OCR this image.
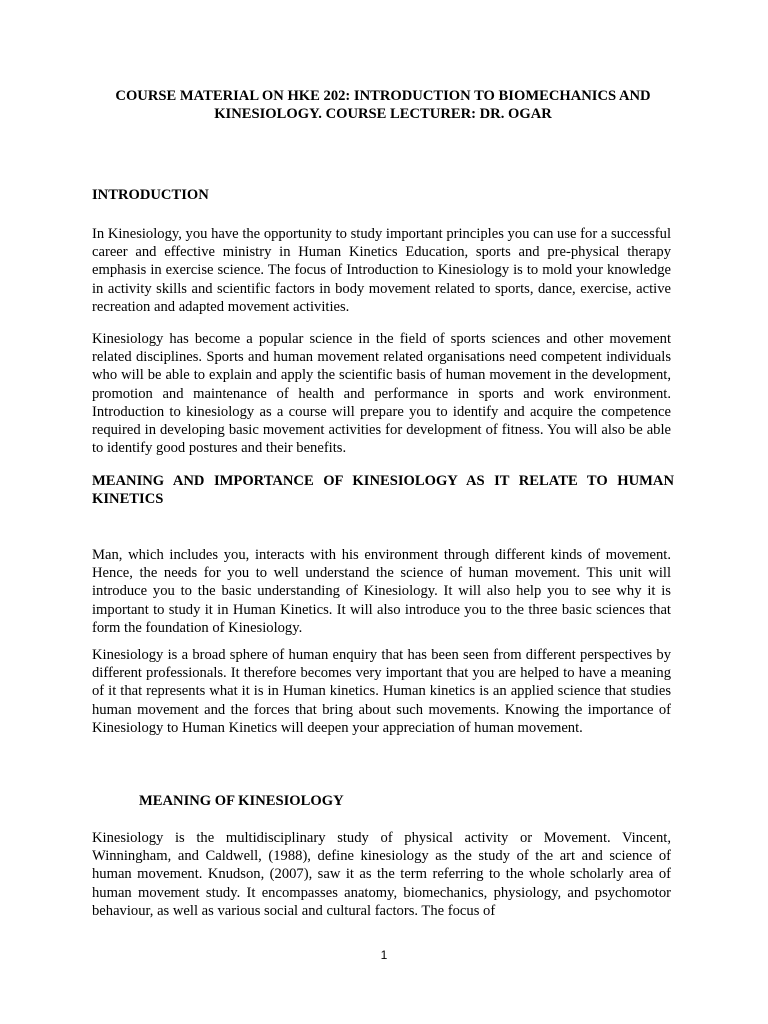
COURSE MATERIAL ON HKE 202: INTRODUCTION TO BIOMECHANICS AND KINESIOLOGY. COURSE LECTURER: DR. OGAR
INTRODUCTION

In Kinesiology, you have the opportunity to study important principles you can use for a successful career and effective ministry in Human Kinetics Education, sports and pre-physical therapy emphasis in exercise science. The focus of Introduction to Kinesiology is to mold your knowledge in activity skills and scientific factors in body movement related to sports, dance, exercise, active recreation and adapted movement activities.

Kinesiology has become a popular science in the field of sports sciences and other movement related disciplines. Sports and human movement related organisations need competent individuals who will be able to explain and apply the scientific basis of human movement in the development, promotion and maintenance of health and performance in sports and work environment. Introduction to kinesiology as a course will prepare you to identify and acquire the competence required in developing basic movement activities for development of fitness. You will also be able to identify good postures and their benefits.

MEANING AND IMPORTANCE OF KINESIOLOGY AS IT RELATE TO HUMAN KINETICS

Man, which includes you, interacts with his environment through different kinds of movement. Hence, the needs for you to well understand the science of human movement. This unit will introduce you to the basic understanding of Kinesiology. It will also help you to see why it is important to study it in Human Kinetics. It will also introduce you to the three basic sciences that form the foundation of Kinesiology.

Kinesiology is a broad sphere of human enquiry that has been seen from different perspectives by different professionals. It therefore becomes very important that you are helped to have a meaning of it that represents what it is in Human kinetics. Human kinetics is an applied science that studies human movement and the forces that bring about such movements. Knowing the importance of Kinesiology to Human Kinetics will deepen your appreciation of human movement.

MEANING OF KINESIOLOGY

Kinesiology is the multidisciplinary study of physical activity or Movement. Vincent, Winningham, and Caldwell, (1988), define kinesiology as the study of the art and science of human movement. Knudson, (2007), saw it as the term referring to the whole scholarly area of human movement study. It encompasses anatomy, biomechanics, physiology, and psychomotor behaviour, as well as various social and cultural factors. The focus of

1
